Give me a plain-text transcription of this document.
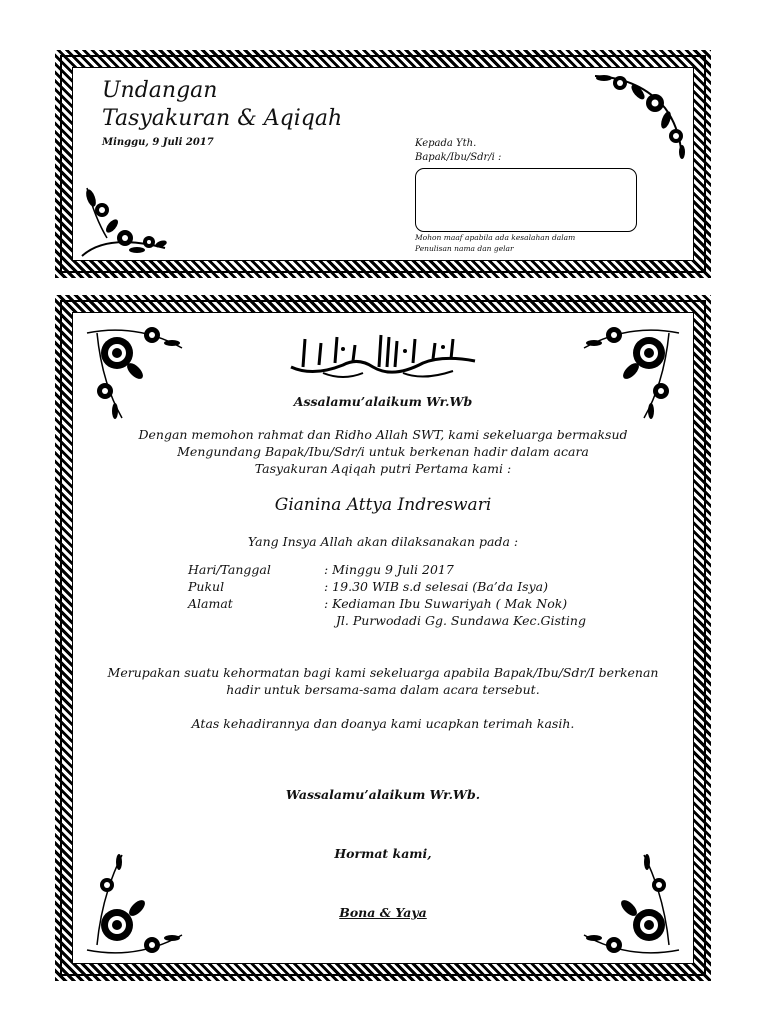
Undangan
Tasyakuran & Aqiqah
Minggu, 9 Juli 2017	Kepada Yth.
Bapak/Ibu/Sdr/i :
Mohon maaf apabila ada kesalahan dalam
Penulisan nama dan gelar
Assalamu’alaikum Wr.Wb
Dengan memohon rahmat dan Ridho Allah SWT, kami sekeluarga bermaksud
Mengundang Bapak/Ibu/Sdr/i untuk berkenan hadir dalam acara
Tasyakuran Aqiqah putri Pertama kami :
Gianina Attya Indreswari
Yang Insya Allah akan dilaksanakan pada :
Hari/Tanggal	: Minggu 9 Juli 2017
Pukul	: 19.30 WIB s.d selesai (Ba’da Isya)
Alamat	: Kediaman Ibu Suwariyah ( Mak Nok)
	Jl. Purwodadi Gg. Sundawa Kec.Gisting
Merupakan suatu kehormatan bagi kami sekeluarga apabila Bapak/Ibu/Sdr/I berkenan
hadir untuk bersama-sama dalam acara tersebut.
Atas kehadirannya dan doanya kami ucapkan terimah kasih.
Wassalamu’alaikum Wr.Wb.
Hormat kami,
Bona & Yaya
